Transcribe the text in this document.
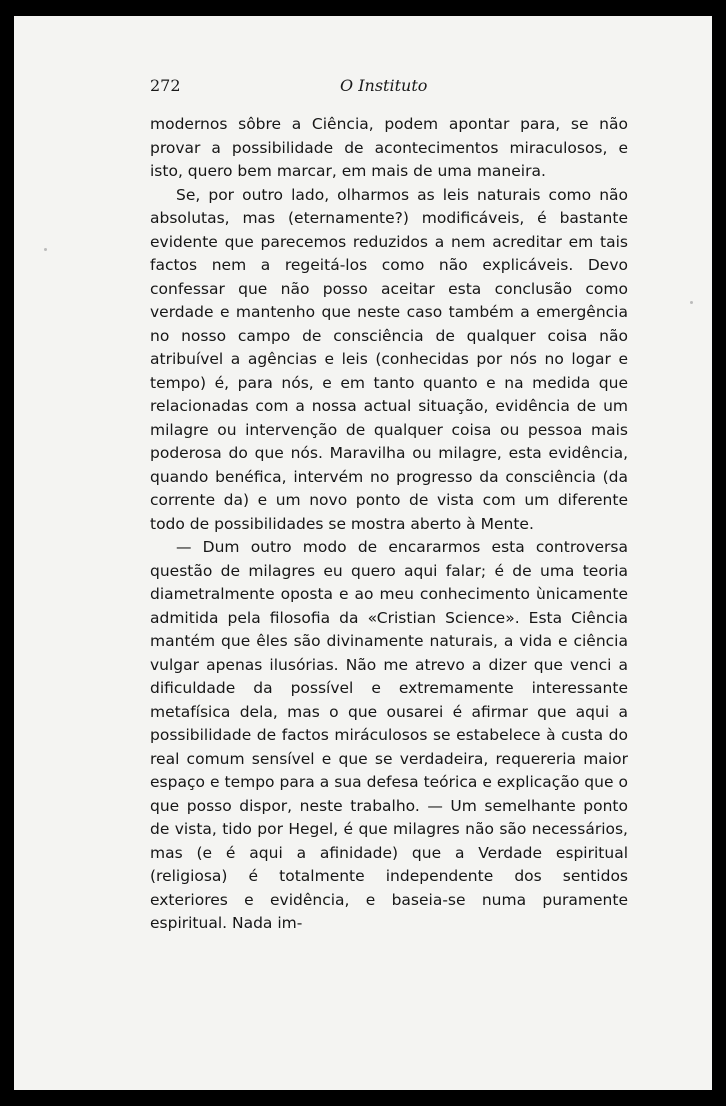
272	O Instituto

modernos sôbre a Ciência, podem apontar para, se não provar a possibilidade de acontecimentos miraculosos, e isto, quero bem marcar, em mais de uma maneira.

Se, por outro lado, olharmos as leis naturais como não absolutas, mas (eternamente?) modificáveis, é bastante evidente que parecemos reduzidos a nem acreditar em tais factos nem a regeitá-los como não explicáveis. Devo confessar que não posso aceitar esta conclusão como verdade e mantenho que neste caso também a emergência no nosso campo de consciência de qualquer coisa não atribuível a agências e leis (conhecidas por nós no logar e tempo) é, para nós, e em tanto quanto e na medida que relacionadas com a nossa actual situação, evidência de um milagre ou intervenção de qualquer coisa ou pessoa mais poderosa do que nós. Maravilha ou milagre, esta evidência, quando benéfica, intervém no progresso da consciência (da corrente da) e um novo ponto de vista com um diferente todo de possibilidades se mostra aberto à Mente.

— Dum outro modo de encararmos esta controversa questão de milagres eu quero aqui falar; é de uma teoria diametralmente oposta e ao meu conhecimento ùnicamente admitida pela filosofia da «Cristian Science». Esta Ciência mantém que êles são divinamente naturais, a vida e ciência vulgar apenas ilusórias. Não me atrevo a dizer que venci a dificuldade da possível e extremamente interessante metafísica dela, mas o que ousarei é afirmar que aqui a possibilidade de factos miráculosos se estabelece à custa do real comum sensível e que se verdadeira, requereria maior espaço e tempo para a sua defesa teórica e explicação que o que posso dispor, neste trabalho. — Um semelhante ponto de vista, tido por Hegel, é que milagres não são necessários, mas (e é aqui a afinidade) que a Verdade espiritual (religiosa) é totalmente independente dos sentidos exteriores e evidência, e baseia-se numa puramente espiritual. Nada im-
